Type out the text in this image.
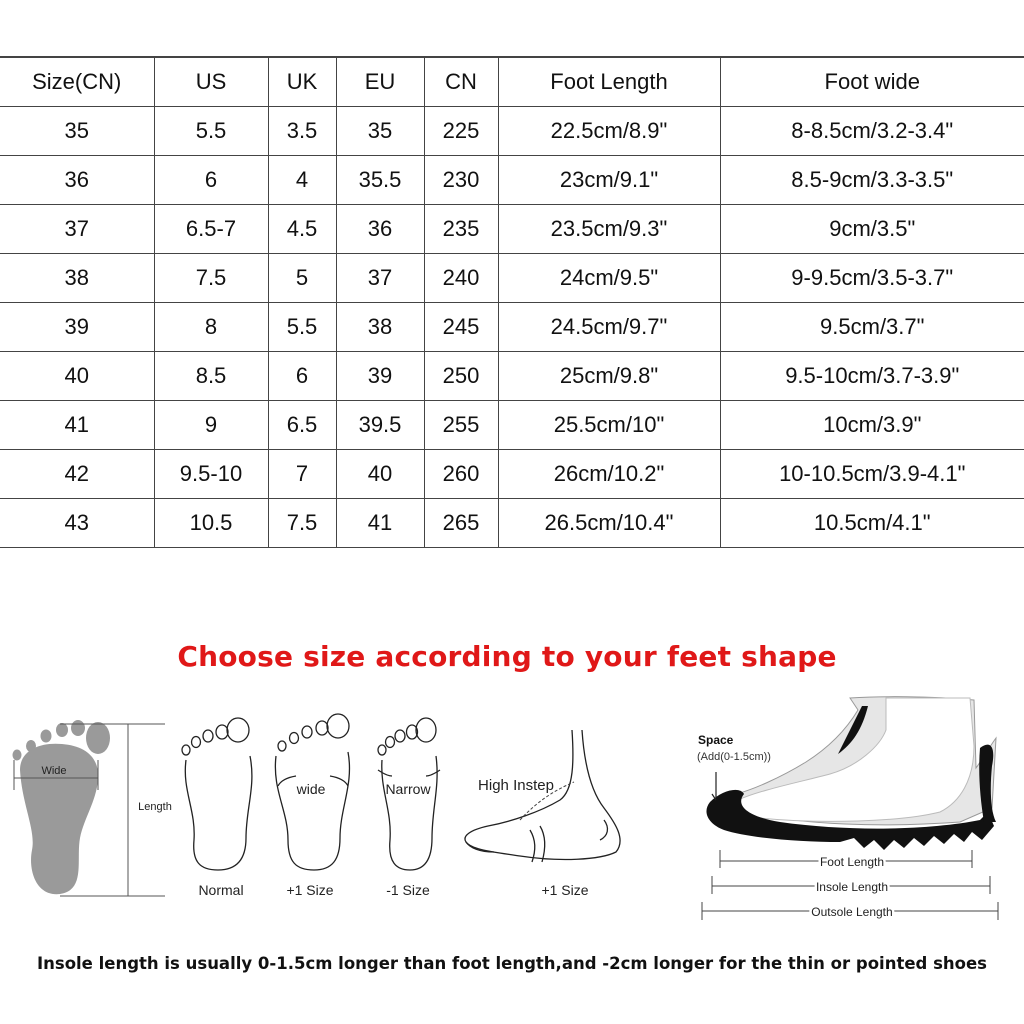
Size(CN)	US	UK	EU	CN	Foot Length	Foot wide
35	5.5	3.5	35	225	22.5cm/8.9"	8-8.5cm/3.2-3.4"
36	6	4	35.5	230	23cm/9.1"	8.5-9cm/3.3-3.5"
37	6.5-7	4.5	36	235	23.5cm/9.3"	9cm/3.5"
38	7.5	5	37	240	24cm/9.5"	9-9.5cm/3.5-3.7"
39	8	5.5	38	245	24.5cm/9.7"	9.5cm/3.7"
40	8.5	6	39	250	25cm/9.8"	9.5-10cm/3.7-3.9"
41	9	6.5	39.5	255	25.5cm/10"	10cm/3.9"
42	9.5-10	7	40	260	26cm/10.2"	10-10.5cm/3.9-4.1"
43	10.5	7.5	41	265	26.5cm/10.4"	10.5cm/4.1"
Choose size according to your feet shape
Wide
Length
Normal
wide
+1 Size
Narrow
-1 Size
High Instep
+1 Size
Space
(Add(0-1.5cm))
Foot Length
Insole Length
Outsole Length

Insole length is usually 0-1.5cm longer than foot length,and -2cm longer for the thin or pointed shoes
